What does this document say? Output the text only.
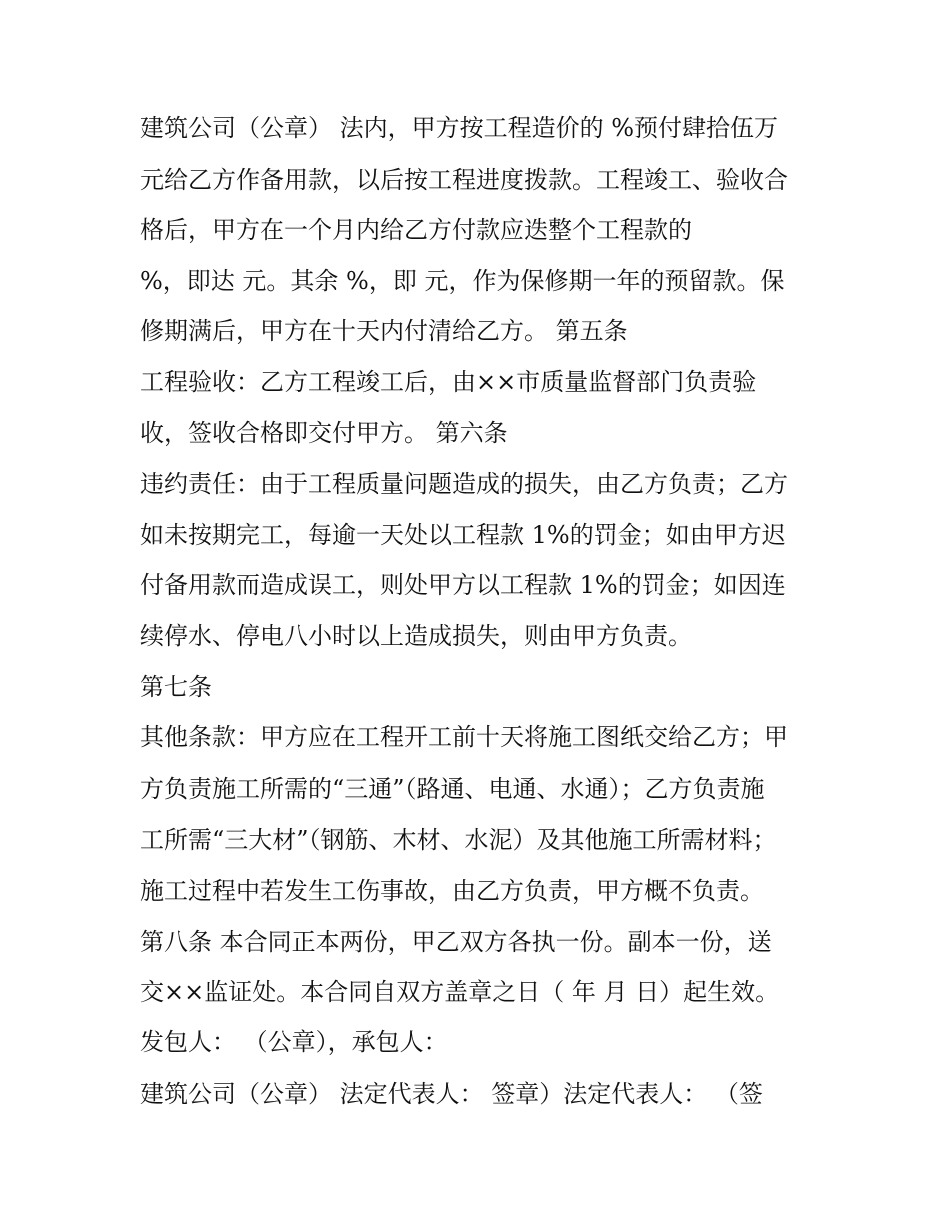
建筑公司（公章） 法内，甲方按工程造价的 %预付肆拾伍万
元给乙方作备用款，以后按工程进度拨款。工程竣工、验收合
格后，甲方在一个月内给乙方付款应迭整个工程款的
%，即达 元。其余 %，即 元，作为保修期一年的预留款。保
修期满后，甲方在十天内付清给乙方。 第五条
工程验收：乙方工程竣工后，由××市质量监督部门负责验
收，签收合格即交付甲方。 第六条
违约责任：由于工程质量问题造成的损失，由乙方负责；乙方
如未按期完工，每逾一天处以工程款 1%的罚金；如由甲方迟
付备用款而造成误工，则处甲方以工程款 1%的罚金；如因连
续停水、停电八小时以上造成损失，则由甲方负责。
第七条
其他条款：甲方应在工程开工前十天将施工图纸交给乙方；甲
方负责施工所需的“三通”（路通、电通、水通）；乙方负责施
工所需“三大材”（钢筋、木材、水泥）及其他施工所需材料；
施工过程中若发生工伤事故，由乙方负责，甲方概不负责。
第八条 本合同正本两份，甲乙双方各执一份。副本一份，送
交××监证处。本合同自双方盖章之日（ 年 月 日）起生效。
发包人： （公章），承包人：
建筑公司（公章） 法定代表人： 签章）法定代表人： （签
